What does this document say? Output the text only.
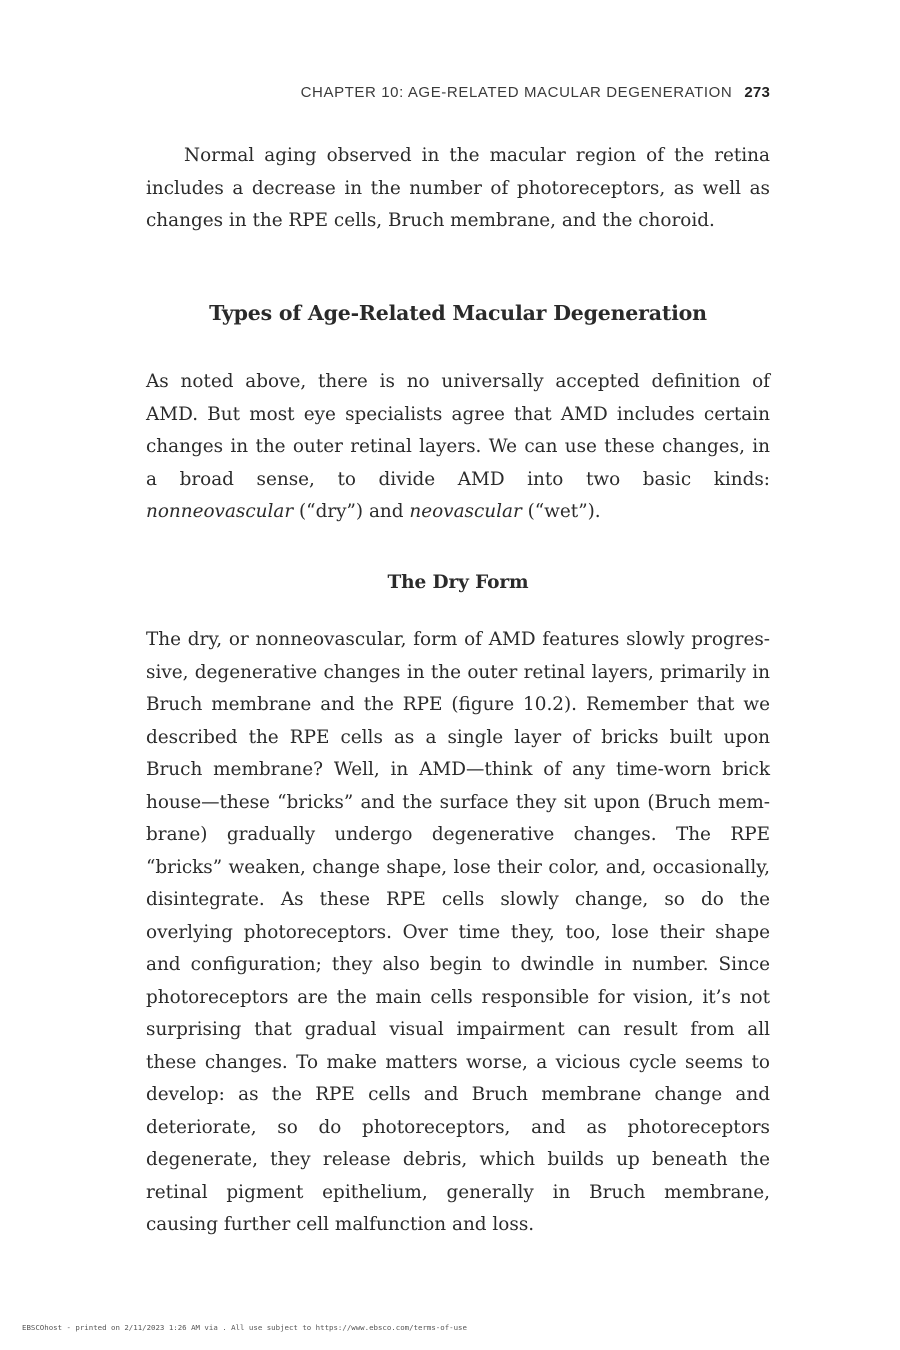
CHAPTER 10: AGE-RELATED MACULAR DEGENERATION 273

Normal aging observed in the macular region of the retina includes a decrease in the number of photoreceptors, as well as changes in the RPE cells, Bruch membrane, and the choroid.

Types of Age-Related Macular Degeneration

As noted above, there is no universally accepted definition of AMD. But most eye specialists agree that AMD includes certain changes in the outer retinal layers. We can use these changes, in a broad sense, to divide AMD into two basic kinds: nonneovascular (“dry”) and neovascular (“wet”).

The Dry Form

The dry, or nonneovascular, form of AMD features slowly progressive, degenerative changes in the outer retinal layers, primarily in Bruch membrane and the RPE (figure 10.2). Remember that we described the RPE cells as a single layer of bricks built upon Bruch membrane? Well, in AMD—think of any time-worn brick house—these “bricks” and the surface they sit upon (Bruch membrane) gradually undergo degenerative changes. The RPE “bricks” weaken, change shape, lose their color, and, occasionally, disintegrate. As these RPE cells slowly change, so do the overlying photoreceptors. Over time they, too, lose their shape and configuration; they also begin to dwindle in number. Since photoreceptors are the main cells responsible for vision, it’s not surprising that gradual visual impairment can result from all these changes. To make matters worse, a vicious cycle seems to develop: as the RPE cells and Bruch membrane change and deteriorate, so do photoreceptors, and as photoreceptors degenerate, they release debris, which builds up beneath the retinal pigment epithelium, generally in Bruch membrane, causing further cell malfunction and loss.

EBSCOhost - printed on 2/11/2023 1:26 AM via . All use subject to https://www.ebsco.com/terms-of-use
